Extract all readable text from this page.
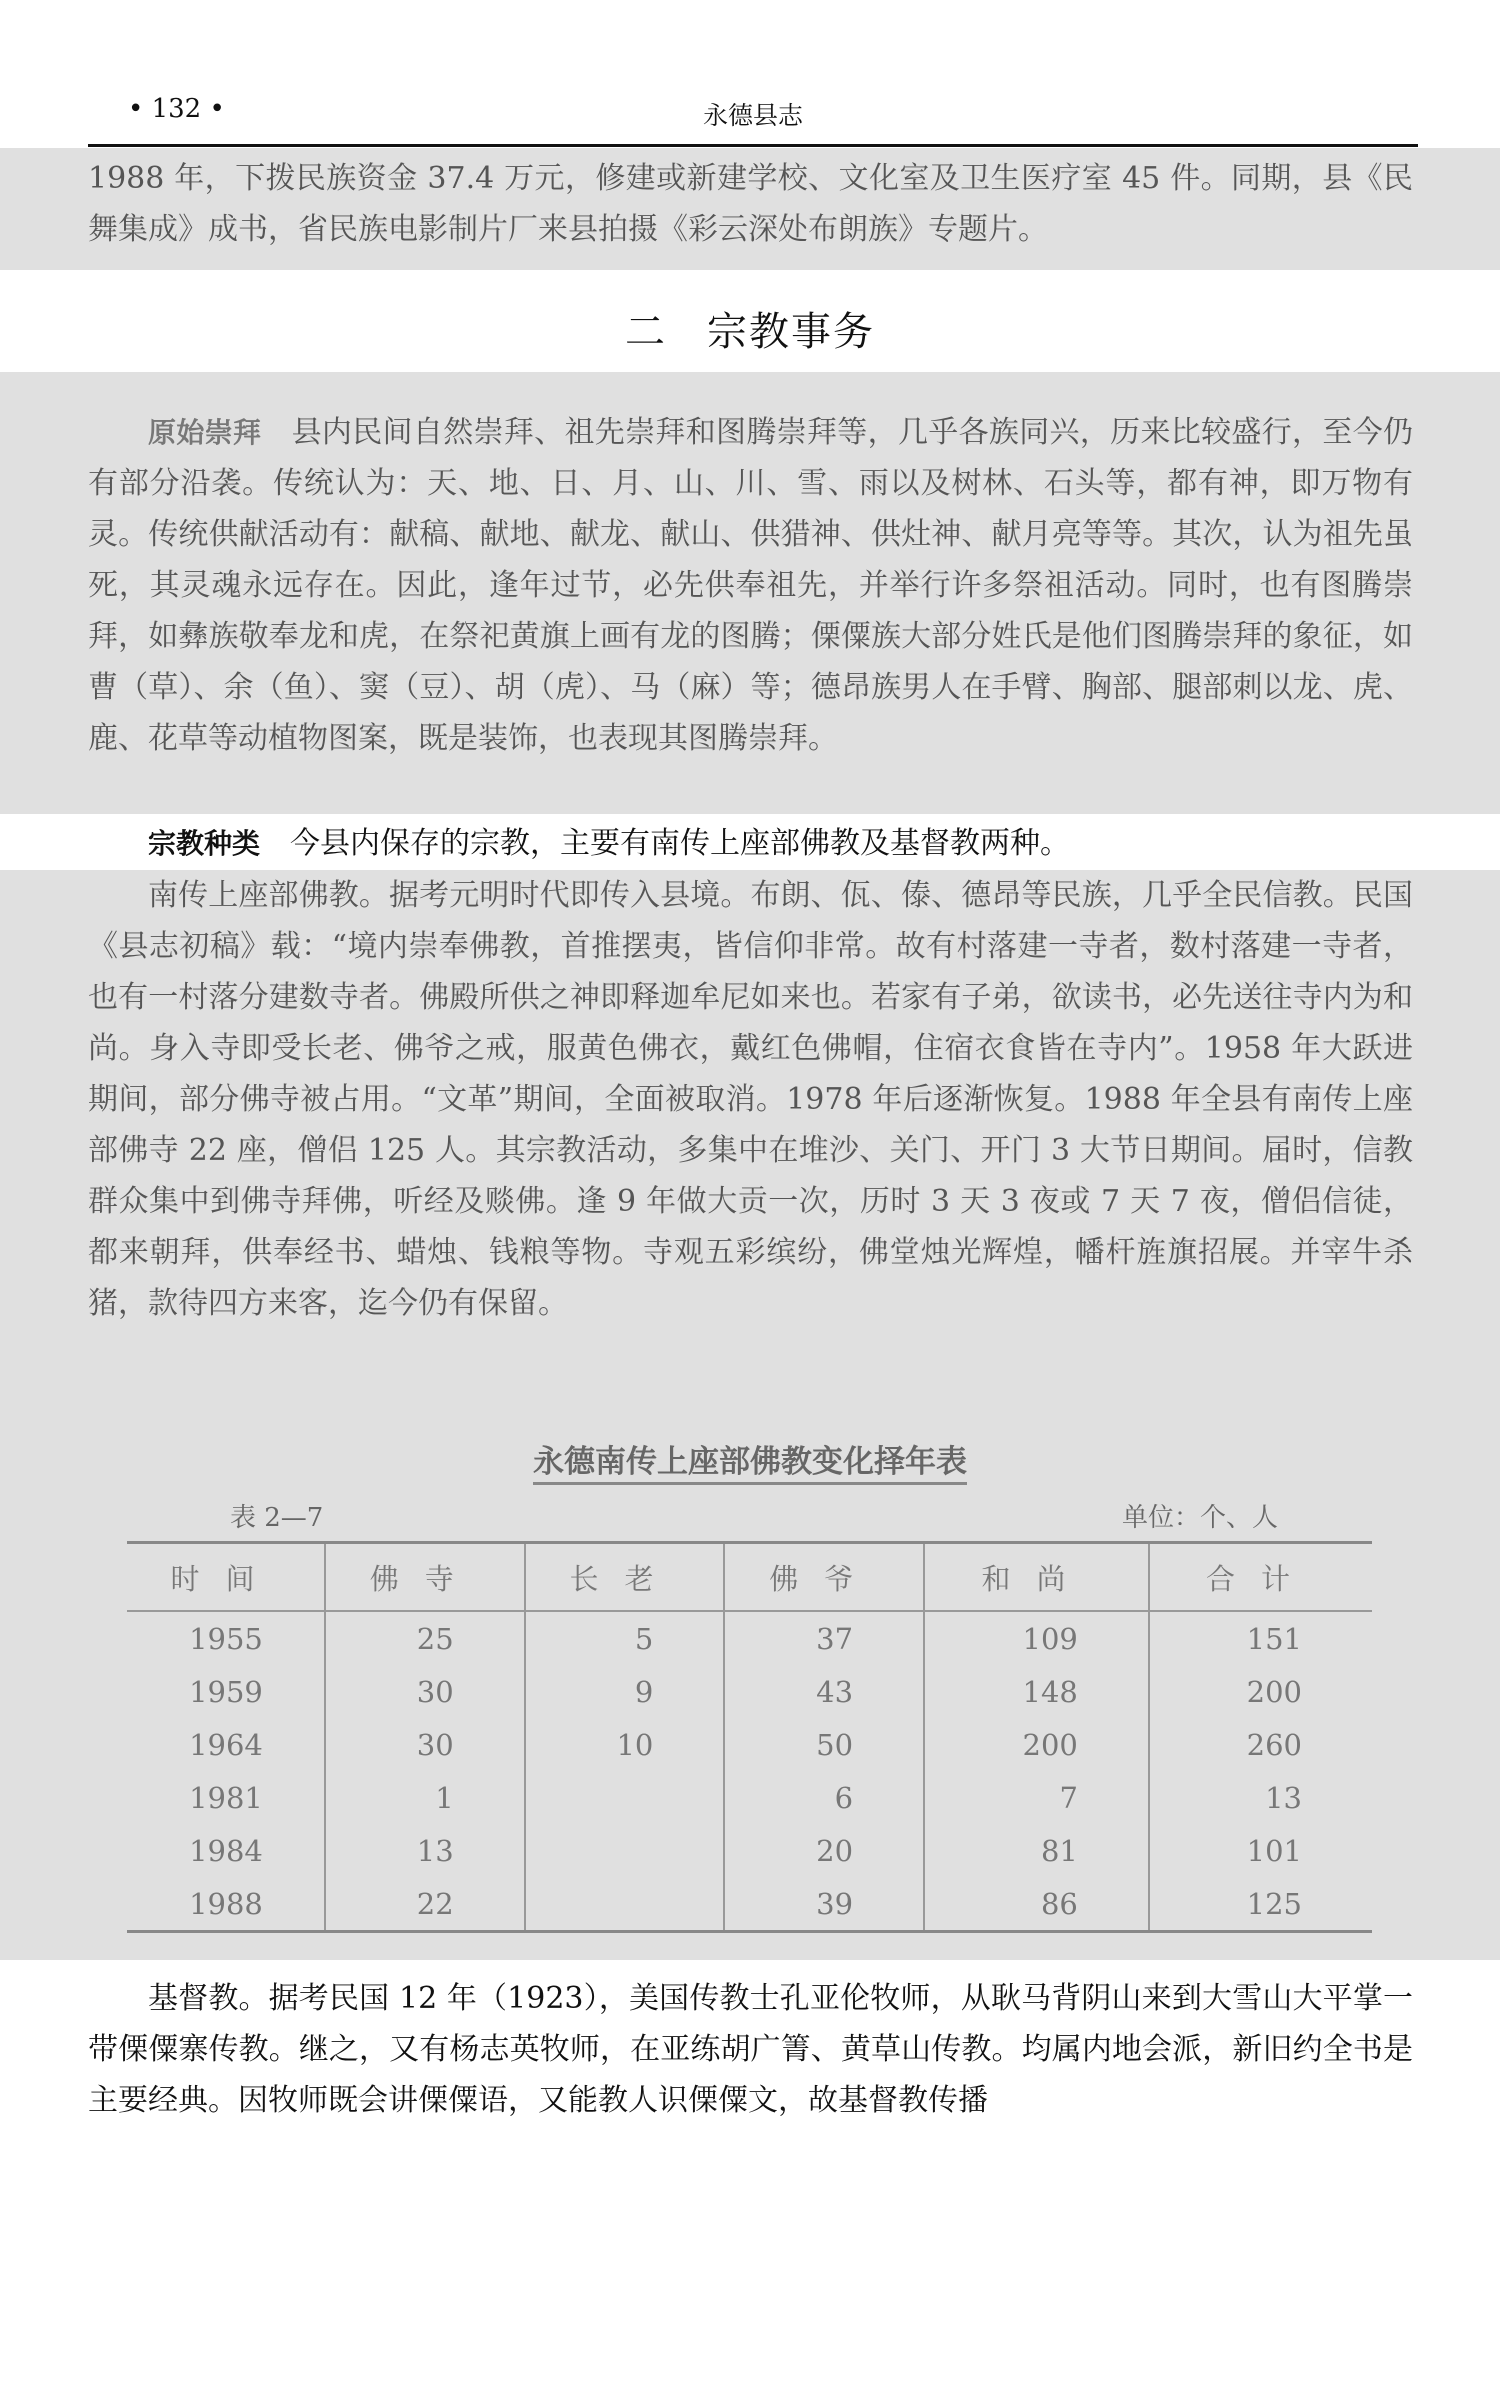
• 132 •	永德县志

1988 年，下拨民族资金 37.4 万元，修建或新建学校、文化室及卫生医疗室 45 件。同期，县《民舞集成》成书，省民族电影制片厂来县拍摄《彩云深处布朗族》专题片。

二 宗教事务

原始崇拜　 县内民间自然崇拜、祖先崇拜和图腾崇拜等，几乎各族同兴，历来比较盛行，至今仍有部分沿袭。传统认为：天、地、日、月、山、川、雪、雨以及树林、石头等，都有神，即万物有灵。传统供献活动有：献稿、献地、献龙、献山、供猎神、供灶神、献月亮等等。其次，认为祖先虽死，其灵魂永远存在。因此，逢年过节，必先供奉祖先，并举行许多祭祖活动。同时，也有图腾崇拜，如彝族敬奉龙和虎，在祭祀黄旗上画有龙的图腾；傈僳族大部分姓氏是他们图腾崇拜的象征，如曹（草）、余（鱼）、窦（豆）、胡（虎）、马（麻）等；德昂族男人在手臂、胸部、腿部刺以龙、虎、鹿、花草等动植物图案，既是装饰，也表现其图腾崇拜。

宗教种类　 今县内保存的宗教，主要有南传上座部佛教及基督教两种。

南传上座部佛教。据考元明时代即传入县境。布朗、佤、傣、德昂等民族，几乎全民信教。民国《县志初稿》载：“境内崇奉佛教，首推摆夷，皆信仰非常。故有村落建一寺者，数村落建一寺者，也有一村落分建数寺者。佛殿所供之神即释迦牟尼如来也。若家有子弟，欲读书，必先送往寺内为和尚。身入寺即受长老、佛爷之戒，服黄色佛衣，戴红色佛帽，住宿衣食皆在寺内”。1958 年大跃进期间，部分佛寺被占用。“文革”期间，全面被取消。1978 年后逐渐恢复。1988 年全县有南传上座部佛寺 22 座，僧侣 125 人。其宗教活动，多集中在堆沙、关门、开门 3 大节日期间。届时，信教群众集中到佛寺拜佛，听经及赕佛。逢 9 年做大贡一次，历时 3 天 3 夜或 7 天 7 夜，僧侣信徒，都来朝拜，供奉经书、蜡烛、钱粮等物。寺观五彩缤纷，佛堂烛光辉煌，幡杆旌旗招展。并宰牛杀猪，款待四方来客，迄今仍有保留。

永德南传上座部佛教变化择年表
表 2—7	单位：个、人
时间	佛寺	长老	佛爷	和尚	合计
1955	25	5	37	109	151
1959	30	9	43	148	200
1964	30	10	50	200	260
1981	1		6	7	13
1984	13		20	81	101
1988	22		39	86	125

基督教。据考民国 12 年（1923），美国传教士孔亚伦牧师，从耿马背阴山来到大雪山大平掌一带傈僳寨传教。继之，又有杨志英牧师，在亚练胡广箐、黄草山传教。均属内地会派，新旧约全书是主要经典。因牧师既会讲傈僳语，又能教人识傈僳文，故基督教传播
